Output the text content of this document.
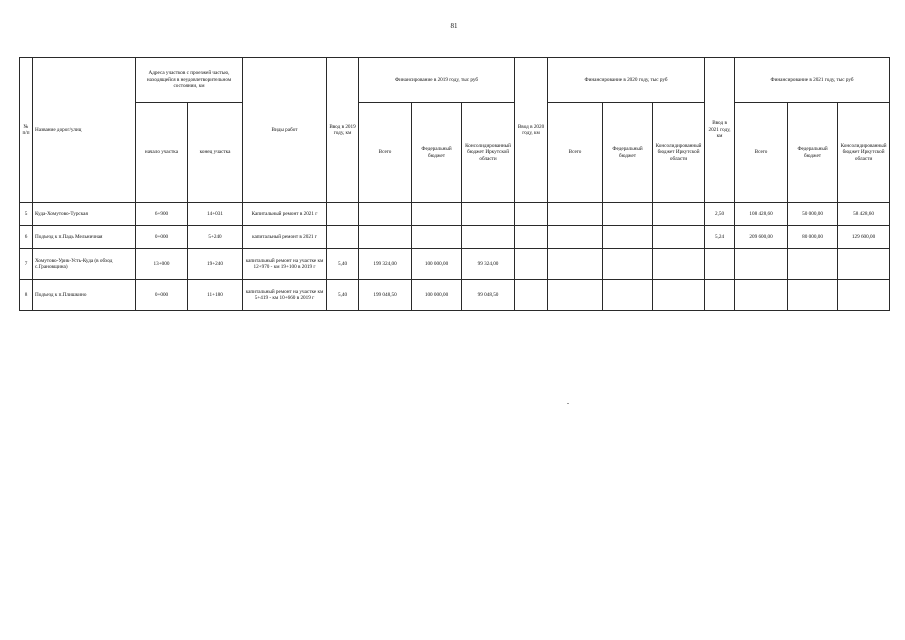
81
№ п/п	Название дорог/улиц	Адреса участков с проезжей частью, находящейся в неудовлетворительном состоянии, км		Виды работ	Ввод в 2019 году, км	Финансирование в 2019 году, тыс руб			Ввод в 2020 году, км	Финансирование в 2020 году, тыс руб			Ввод в 2021 году, км	Финансирование в 2021 году, тыс руб		
		начало участка	конец участка			Всего	Федеральный бюджет	Консолидированный бюджет Иркутской области		Всего	Федеральный бюджет	Консолидированный бюджет Иркутской области		Всего	Федеральный бюджет	Консолидированный бюджет Иркутской области
5	Куда-Хомутово-Турская	6+900	14+031	Капитальный ремонт в 2021 г									2,50	108 428,60	50 000,00	58 428,60
6	Подъезд к п.Падь Мельничная	0+000	5+240	капитальный ремонт в 2021 г									5,24	209 600,00	80 000,00	129 600,00
7	Хомутово-Урик-Усть-Куда (в обход с.Грановщина)	13+000	19+240	капитальный ремонт на участке км 12+970 - км 19+100 в 2019 г	5,40	199 324,00	100 000,00	99 324,00								
8	Подъезд к п.Плишкино	0+000	11+180	капитальный ремонт на участке км 5+419 - км 10+660 в 2019 г	5,40	199 048,50	100 000,00	99 048,50								
